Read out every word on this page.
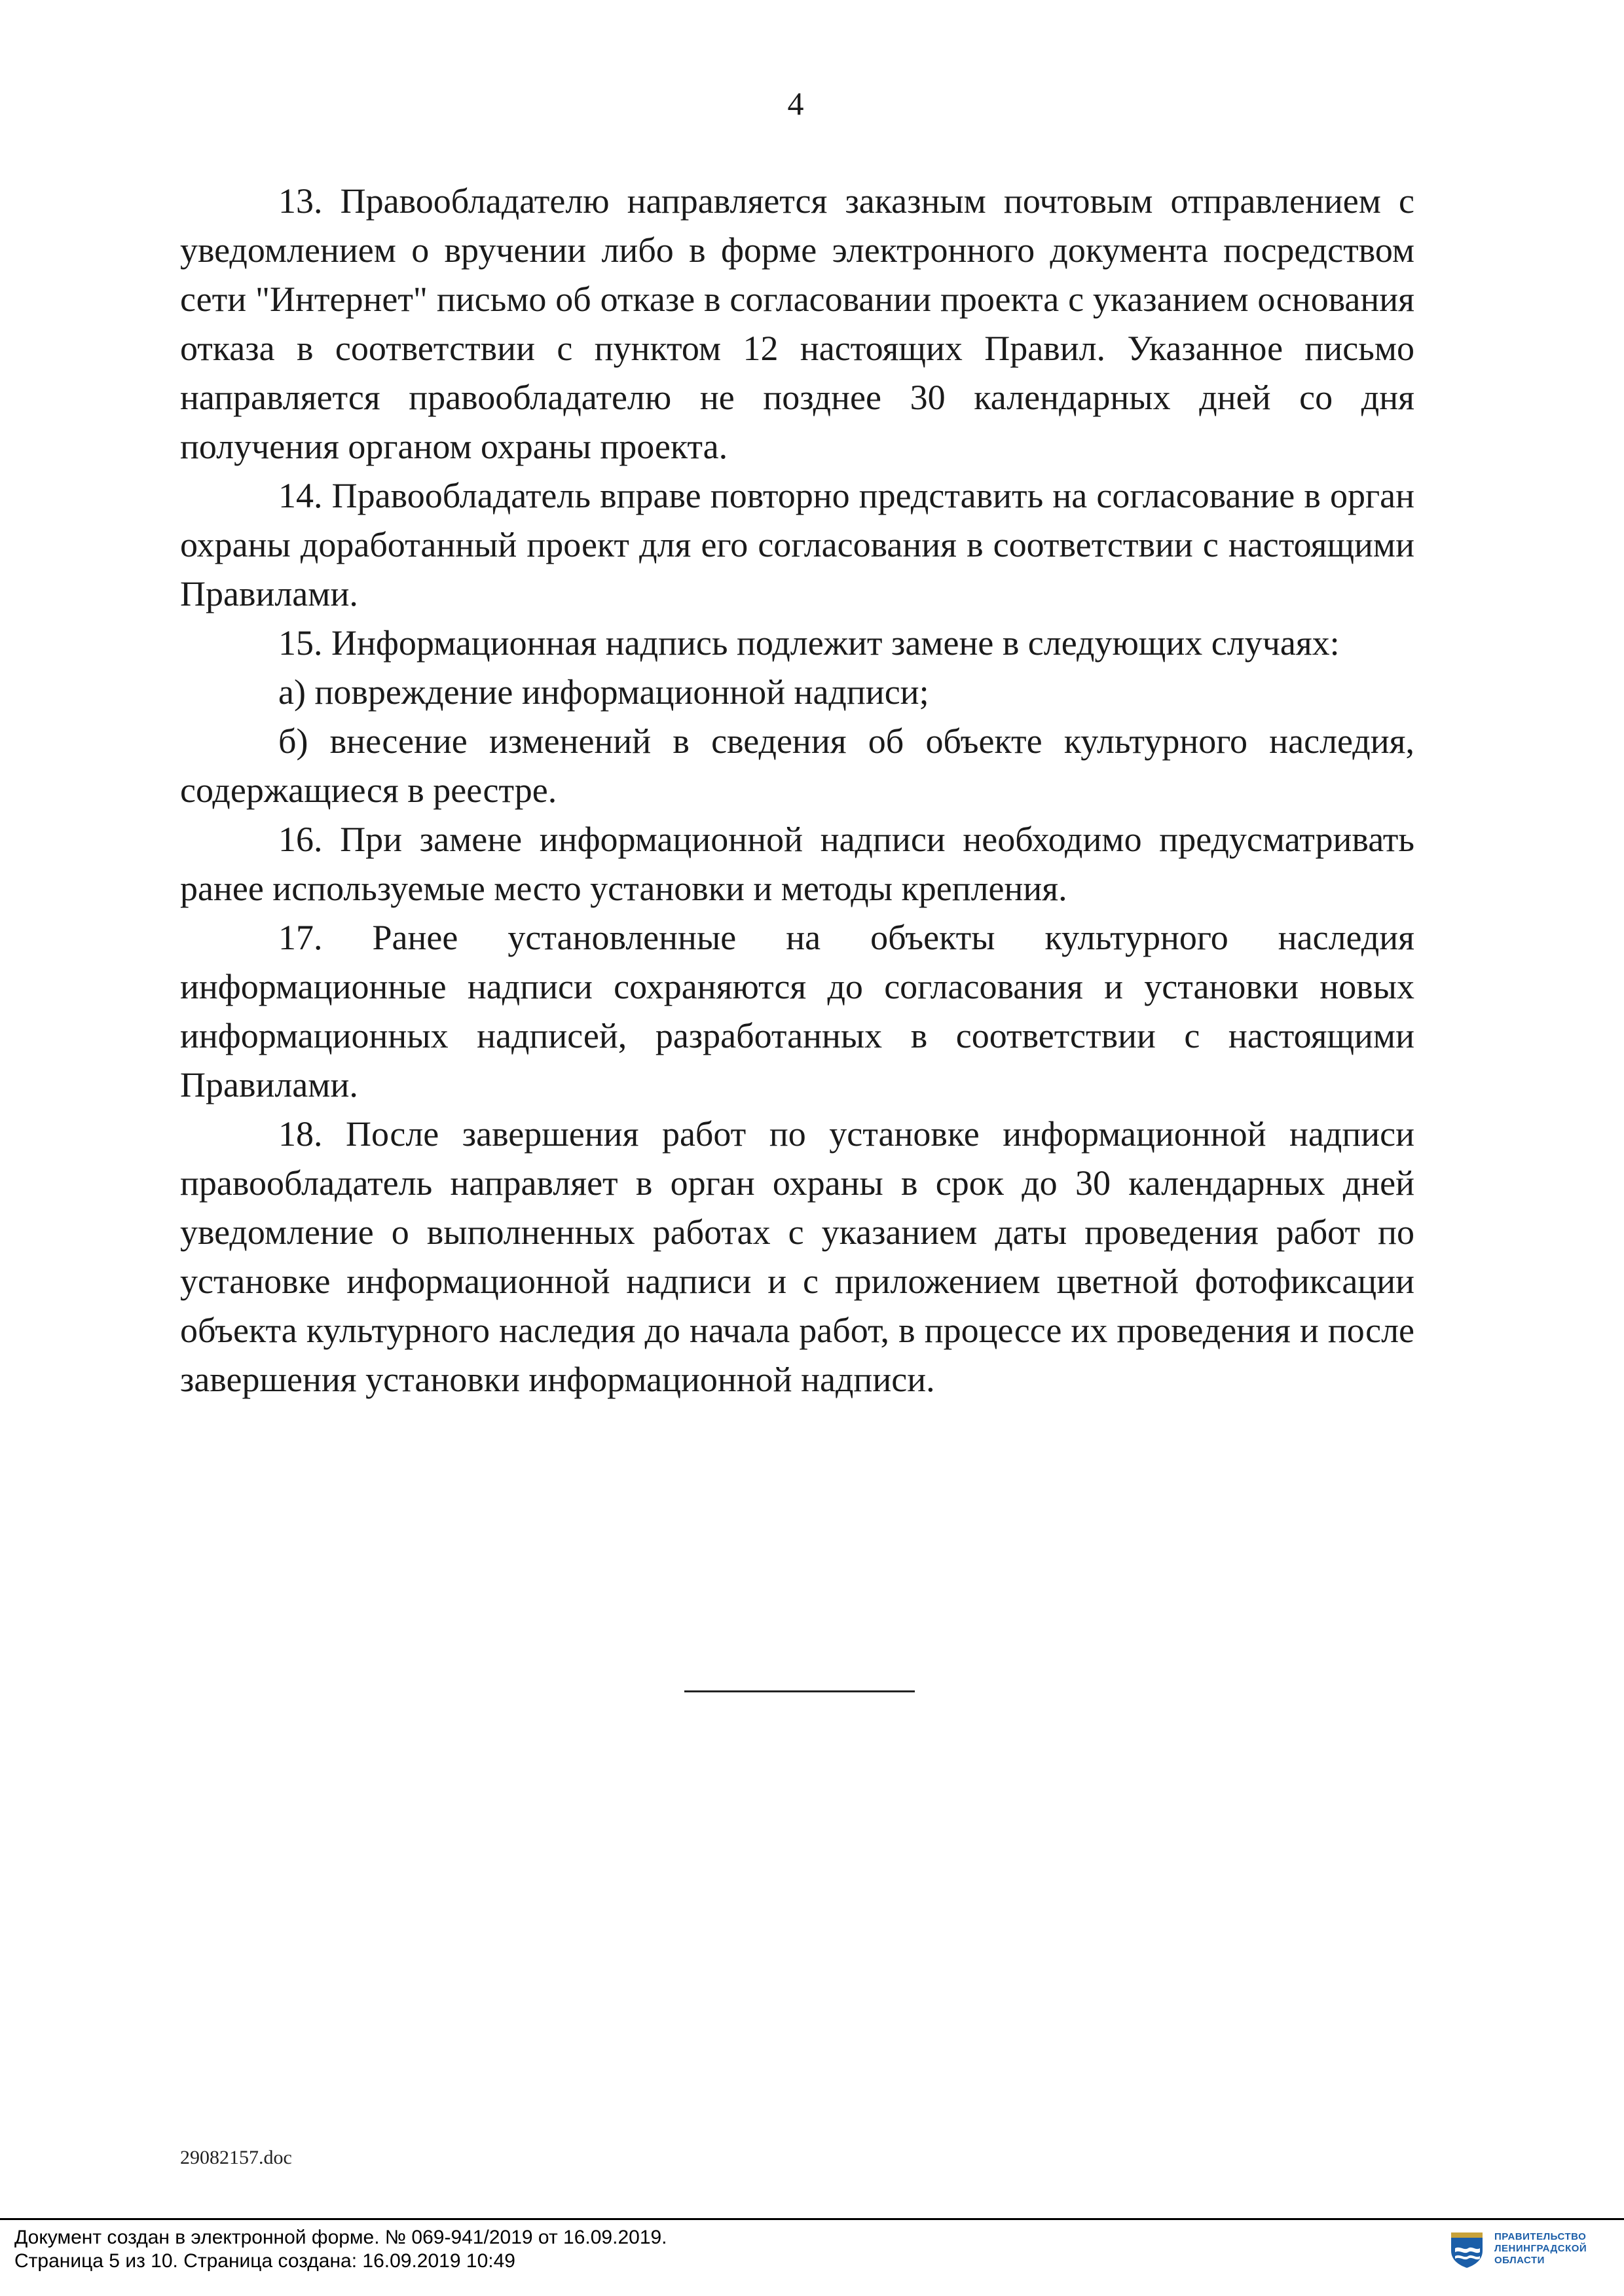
4

13. Правообладателю направляется заказным почтовым отправлением с уведомлением о вручении либо в форме электронного документа посредством сети "Интернет" письмо об отказе в согласовании проекта с указанием основания отказа в соответствии с пунктом 12 настоящих Правил. Указанное письмо направляется правообладателю не позднее 30 календарных дней со дня получения органом охраны проекта.

14. Правообладатель вправе повторно представить на согласование в орган охраны доработанный проект для его согласования в соответствии с настоящими Правилами.

15. Информационная надпись подлежит замене в следующих случаях:

а) повреждение информационной надписи;

б) внесение изменений в сведения об объекте культурного наследия, содержащиеся в реестре.

16. При замене информационной надписи необходимо предусматривать ранее используемые место установки и методы крепления.

17. Ранее установленные на объекты культурного наследия информационные надписи сохраняются до согласования и установки новых информационных надписей, разработанных в соответствии с настоящими Правилами.

18. После завершения работ по установке информационной надписи правообладатель направляет в орган охраны в срок до 30 календарных дней уведомление о выполненных работах с указанием даты проведения работ по установке информационной надписи и с приложением цветной фотофиксации объекта культурного наследия до начала работ, в процессе их проведения и после завершения установки информационной надписи.

29082157.doc
Документ создан в электронной форме. № 069-941/2019 от 16.09.2019.
Страница 5 из 10. Страница создана: 16.09.2019 10:49
ПРАВИТЕЛЬСТВО
ЛЕНИНГРАДСКОЙ
ОБЛАСТИ
